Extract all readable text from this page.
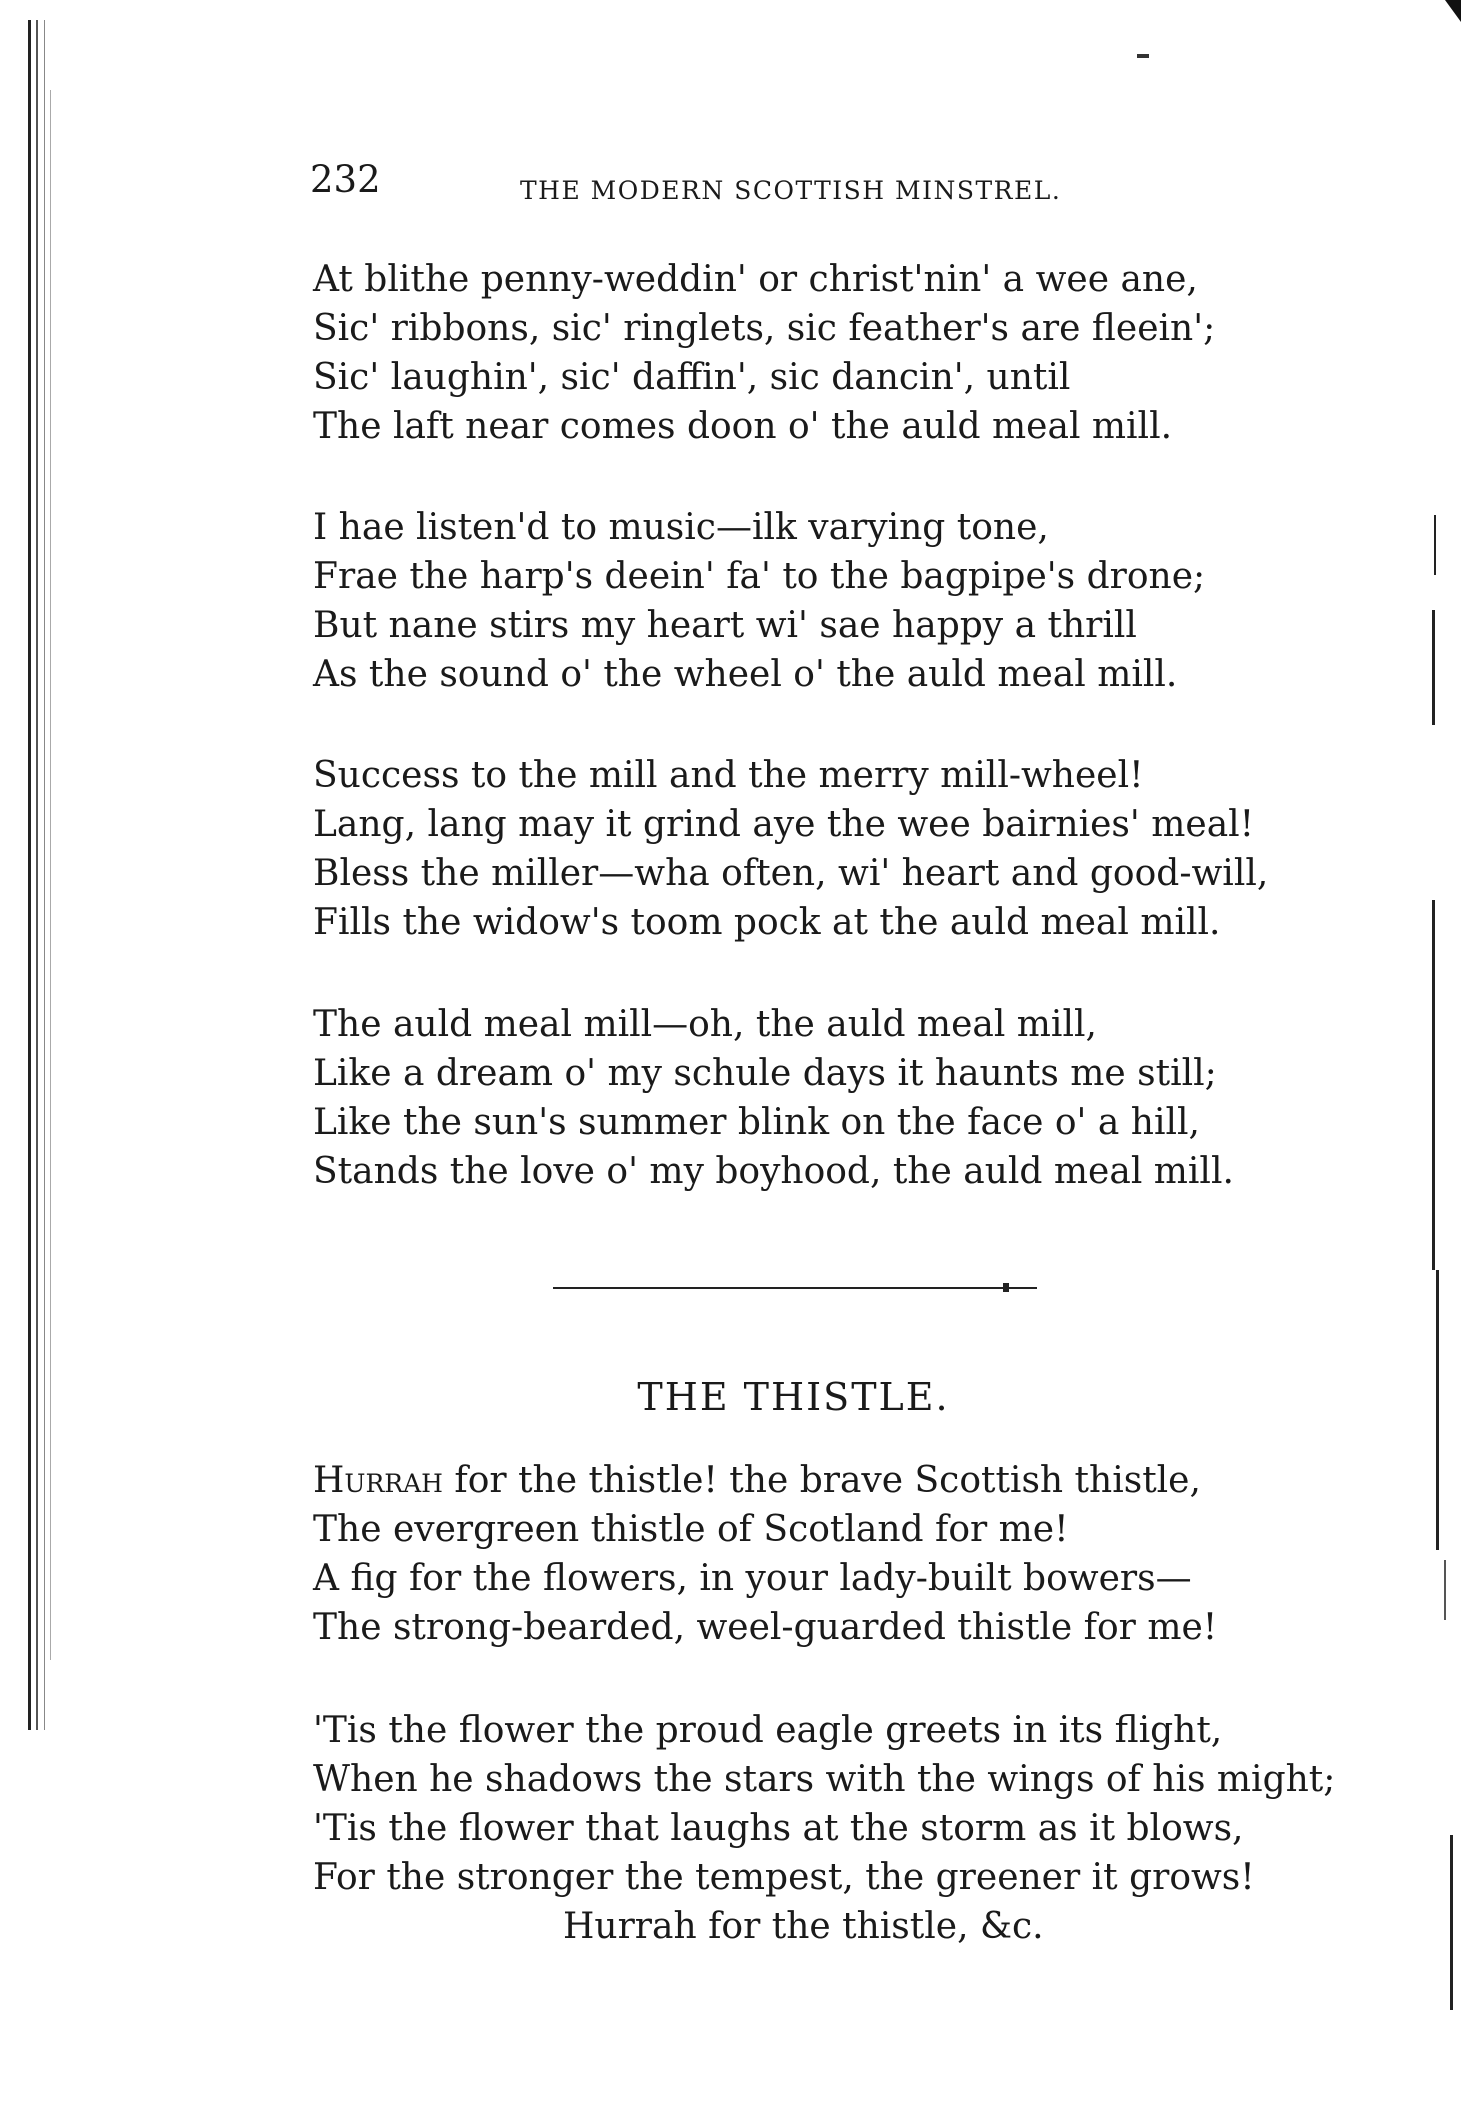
232	THE MODERN SCOTTISH MINSTREL.
At blithe penny-weddin' or christ'nin' a wee ane,
Sic' ribbons, sic' ringlets, sic feather's are fleein';
Sic' laughin', sic' daffin', sic dancin', until
The laft near comes doon o' the auld meal mill.
I hae listen'd to music—ilk varying tone,
Frae the harp's deein' fa' to the bagpipe's drone;
But nane stirs my heart wi' sae happy a thrill
As the sound o' the wheel o' the auld meal mill.
Success to the mill and the merry mill-wheel!
Lang, lang may it grind aye the wee bairnies' meal!
Bless the miller—wha often, wi' heart and good-will,
Fills the widow's toom pock at the auld meal mill.
The auld meal mill—oh, the auld meal mill,
Like a dream o' my schule days it haunts me still;
Like the sun's summer blink on the face o' a hill,
Stands the love o' my boyhood, the auld meal mill.
THE THISTLE.
Hurrah for the thistle! the brave Scottish thistle,
The evergreen thistle of Scotland for me!
A fig for the flowers, in your lady-built bowers—
The strong-bearded, weel-guarded thistle for me!
'Tis the flower the proud eagle greets in its flight,
When he shadows the stars with the wings of his might;
'Tis the flower that laughs at the storm as it blows,
For the stronger the tempest, the greener it grows!
Hurrah for the thistle, &c.
